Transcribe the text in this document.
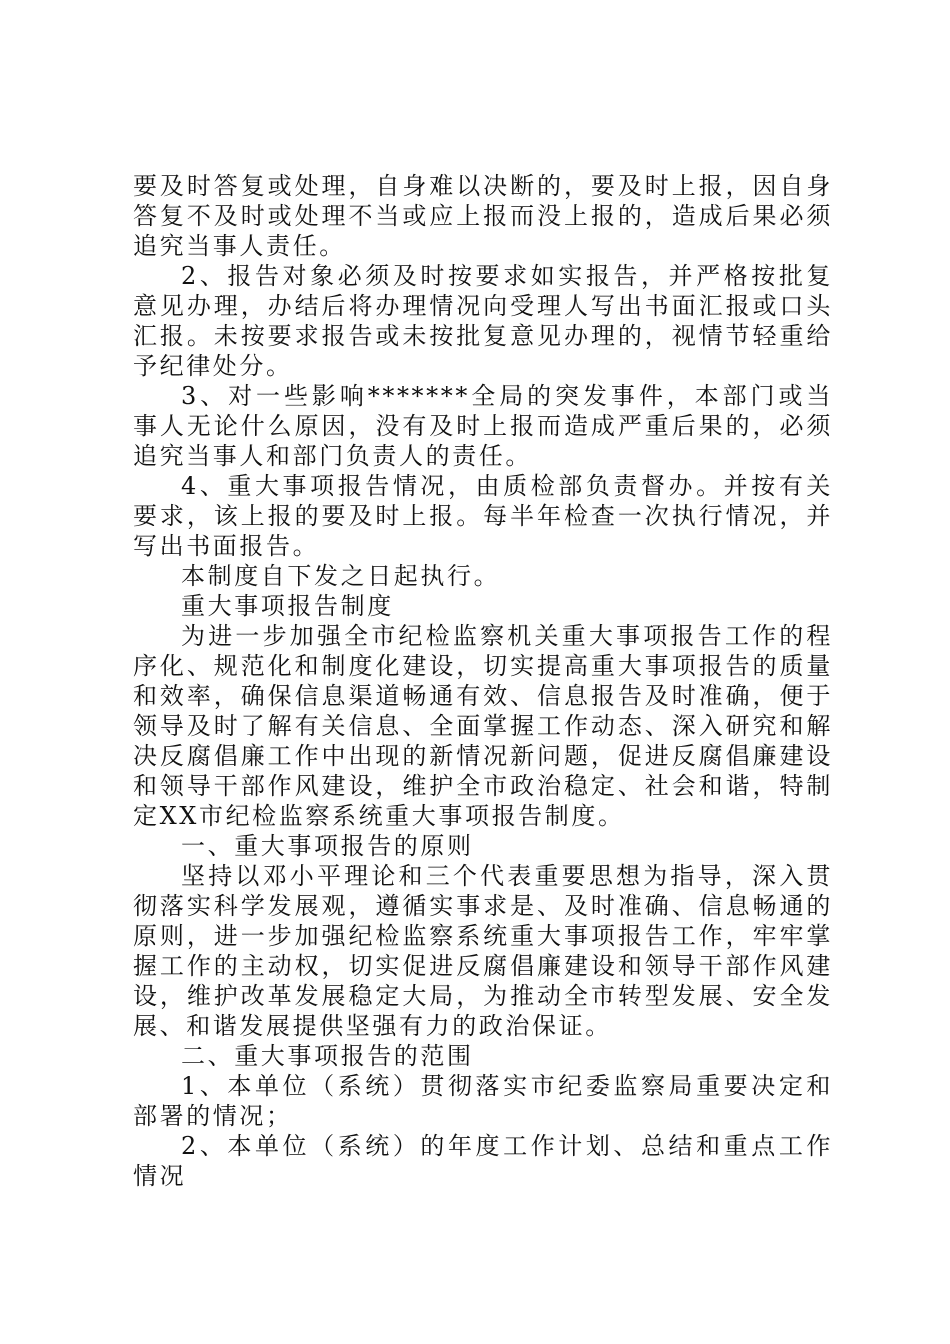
要及时答复或处理，自身难以决断的，要及时上报，因自身答复不及时或处理不当或应上报而没上报的，造成后果必须追究当事人责任。

2、报告对象必须及时按要求如实报告，并严格按批复意见办理，办结后将办理情况向受理人写出书面汇报或口头汇报。未按要求报告或未按批复意见办理的，视情节轻重给予纪律处分。

3、对一些影响*******全局的突发事件，本部门或当事人无论什么原因，没有及时上报而造成严重后果的，必须追究当事人和部门负责人的责任。

4、重大事项报告情况，由质检部负责督办。并按有关要求，该上报的要及时上报。每半年检查一次执行情况，并写出书面报告。

本制度自下发之日起执行。

重大事项报告制度

为进一步加强全市纪检监察机关重大事项报告工作的程序化、规范化和制度化建设，切实提高重大事项报告的质量和效率，确保信息渠道畅通有效、信息报告及时准确，便于领导及时了解有关信息、全面掌握工作动态、深入研究和解决反腐倡廉工作中出现的新情况新问题，促进反腐倡廉建设和领导干部作风建设，维护全市政治稳定、社会和谐，特制定XX市纪检监察系统重大事项报告制度。

一、重大事项报告的原则

坚持以邓小平理论和三个代表重要思想为指导，深入贯彻落实科学发展观，遵循实事求是、及时准确、信息畅通的原则，进一步加强纪检监察系统重大事项报告工作，牢牢掌握工作的主动权，切实促进反腐倡廉建设和领导干部作风建设，维护改革发展稳定大局，为推动全市转型发展、安全发展、和谐发展提供坚强有力的政治保证。

二、重大事项报告的范围

1、本单位（系统）贯彻落实市纪委监察局重要决定和部署的情况；

2、本单位（系统）的年度工作计划、总结和重点工作情况
